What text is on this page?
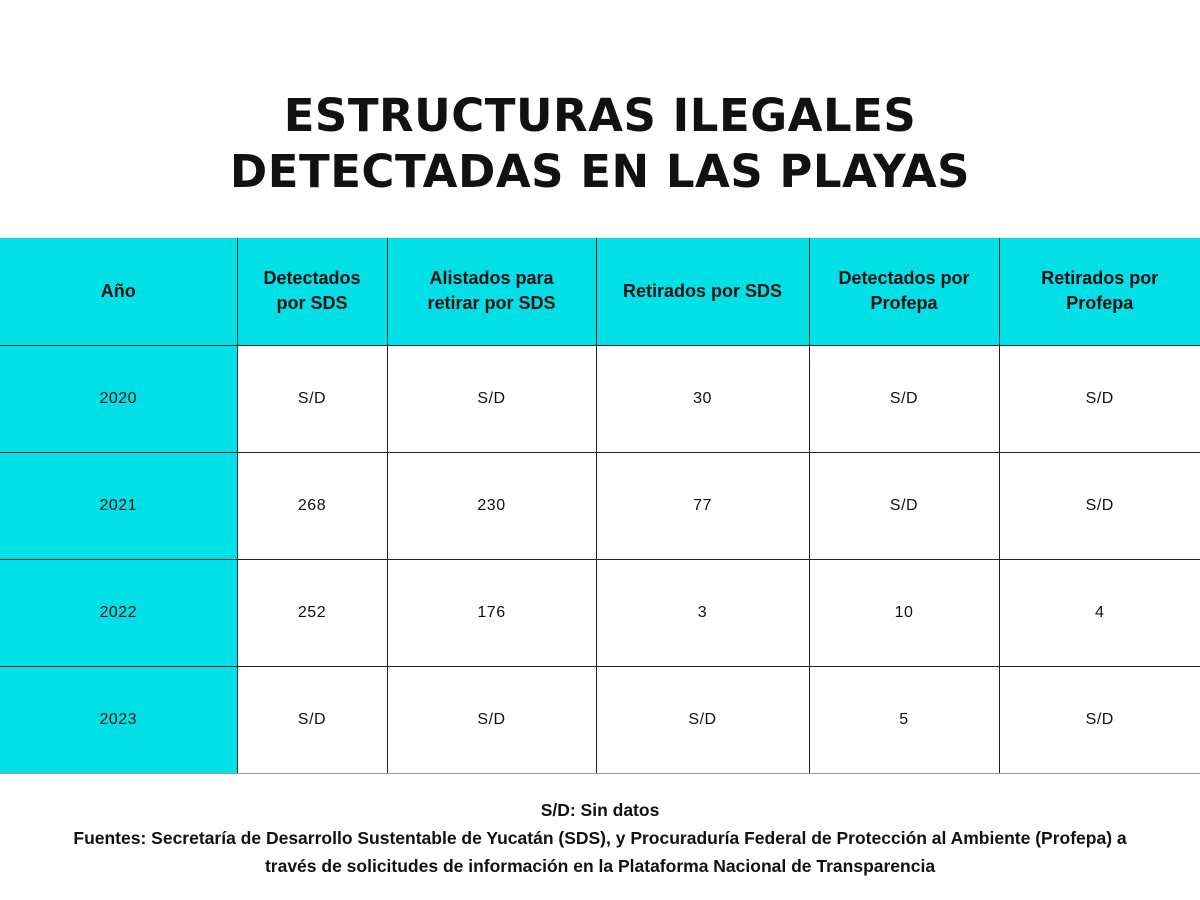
ESTRUCTURAS ILEGALES
DETECTADAS EN LAS PLAYAS
Año	Detectados por SDS	Alistados para retirar por SDS	Retirados por SDS	Detectados por Profepa	Retirados por Profepa
2020	S/D	S/D	30	S/D	S/D
2021	268	230	77	S/D	S/D
2022	252	176	3	10	4
2023	S/D	S/D	S/D	5	S/D
S/D: Sin datos
Fuentes: Secretaría de Desarrollo Sustentable de Yucatán (SDS), y Procuraduría Federal de Protección al Ambiente (Profepa) a
través de solicitudes de información en la Plataforma Nacional de Transparencia
